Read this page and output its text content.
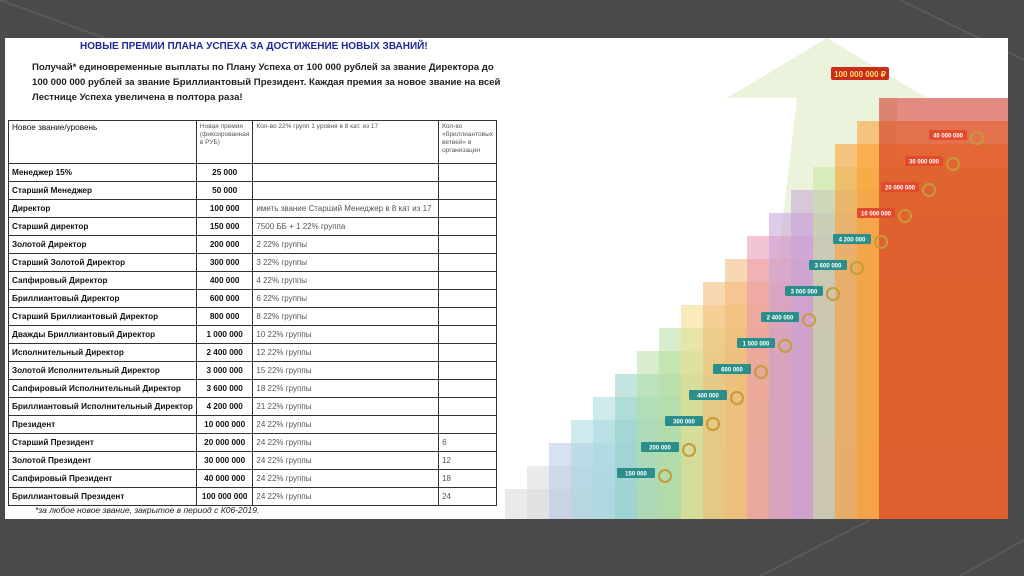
НОВЫЕ ПРЕМИИ ПЛАНА УСПЕХА ЗА ДОСТИЖЕНИЕ НОВЫХ ЗВАНИЙ!
Получай* единовременные выплаты по Плану Успеха от 100 000 рублей за звание Директора до 100 000 000 рублей за звание Бриллиантовый Президент. Каждая премия за новое звание на всей Лестнице Успеха увеличена в полтора раза!
Новое звание/уровень	Новая премия (фиксированная в РУБ)	Кол-во 22% групп 1 уровня в 8 кат. из 17	Кол-во «бриллиантовых ветвей» в организации
Менеджер 15%	25 000		
Старший Менеджер	50 000		
Директор	100 000	иметь звание Старший Менеджер в 8 кат из 17	
Старший директор	150 000	7500 ББ + 1 22% группа	
Золотой Директор	200 000	2 22% группы	
Старший Золотой Директор	300 000	3 22% группы	
Сапфировый Директор	400 000	4 22% группы	
Бриллиантовый Директор	600 000	6 22% группы	
Старший Бриллиантовый Директор	800 000	8 22% группы	
Дважды Бриллиантовый Директор	1 000 000	10 22% группы	
Исполнительный Директор	2 400 000	12 22% группы	
Золотой Исполнительный Директор	3 000 000	15 22% группы	
Сапфировый Исполнительный Директор	3 600 000	18 22% группы	
Бриллиантовый Исполнительный Директор	4 200 000	21 22% группы	
Президент	10 000 000	24 22% группы	
Старший Президент	20 000 000	24 22% группы	6
Золотой Президент	30 000 000	24 22% группы	12
Сапфировый Президент	40 000 000	24 22% группы	18
Бриллиантовый Президент	100 000 000	24 22% группы	24
*за любое новое звание, закрытое в период с К06-2019.
100 000 000 ₽
150 000
200 000
300 000
400 000
600 000
1 500 000
2 400 000
3 000 000
3 600 000
4 200 000
10 000 000
20 000 000
30 000 000
40 000 000
